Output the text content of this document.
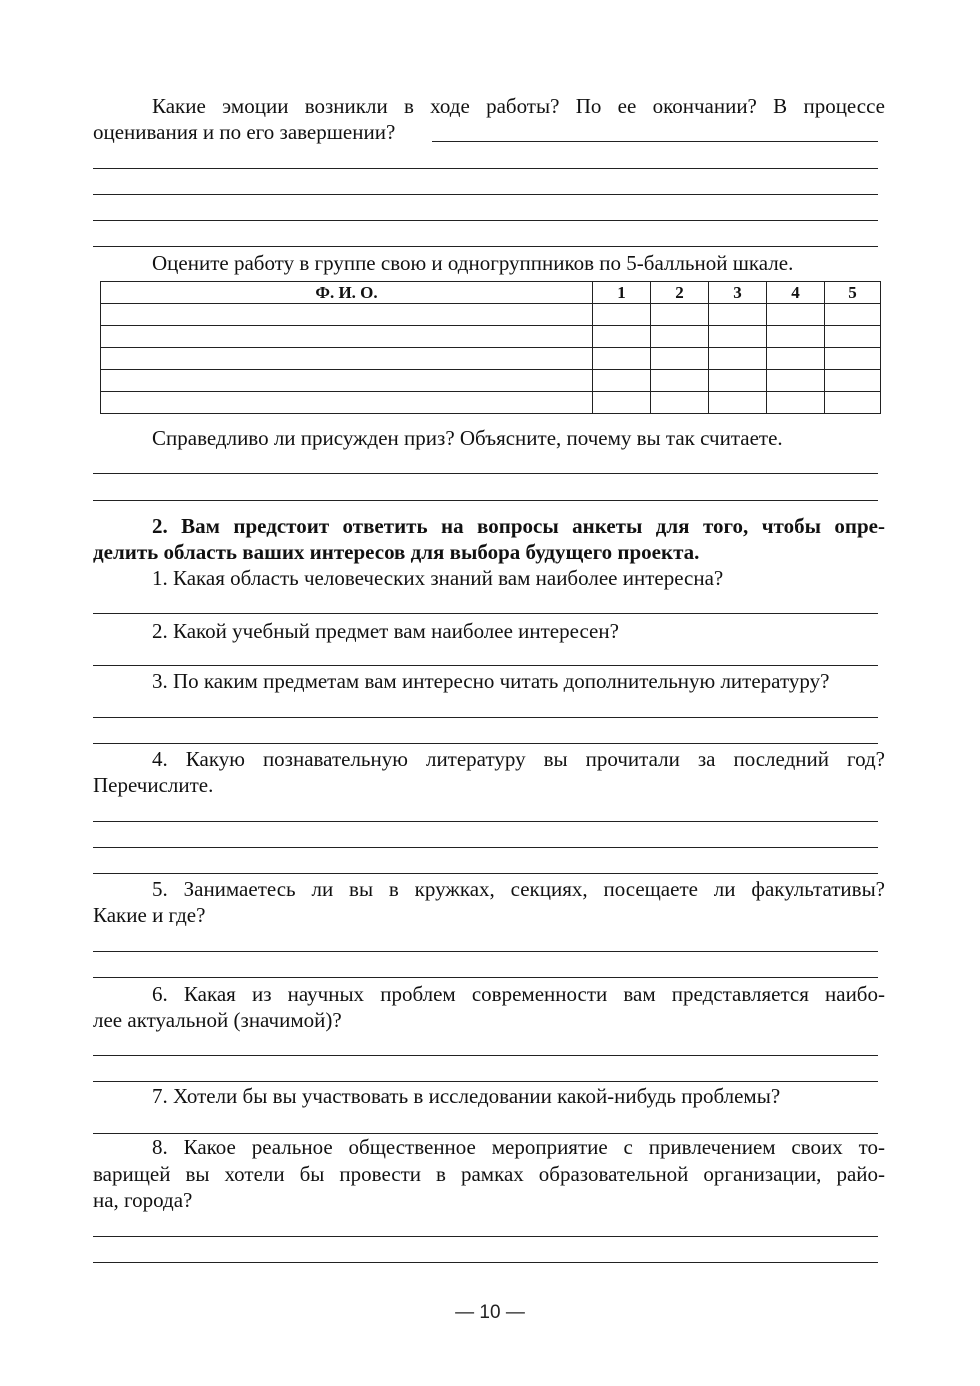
Какие эмоции возникли в ходе работы? По ее окончании? В процессе

оценивания и по его завершении?

Оцените работу в группе свою и одногруппников по 5-балльной шкале.

Ф. И. О.	1	2	3	4	5

Справедливо ли присужден приз? Объясните, почему вы так считаете.

2. Вам предстоит ответить на вопросы анкеты для того, чтобы опре-

делить область ваших интересов для выбора будущего проекта.

1. Какая область человеческих знаний вам наиболее интересна?

2. Какой учебный предмет вам наиболее интересен?

3. По каким предметам вам интересно читать дополнительную литературу?

4. Какую познавательную литературу вы прочитали за последний год?

Перечислите.

5. Занимаетесь ли вы в кружках, секциях, посещаете ли факультативы?

Какие и где?

6. Какая из научных проблем современности вам представляется наибо-

лее актуальной (значимой)?

7. Хотели бы вы участвовать в исследовании какой-нибудь проблемы?

8. Какое реальное общественное мероприятие с привлечением своих то-

варищей вы хотели бы провести в рамках образовательной организации, райо-

на, города?

— 10 —
